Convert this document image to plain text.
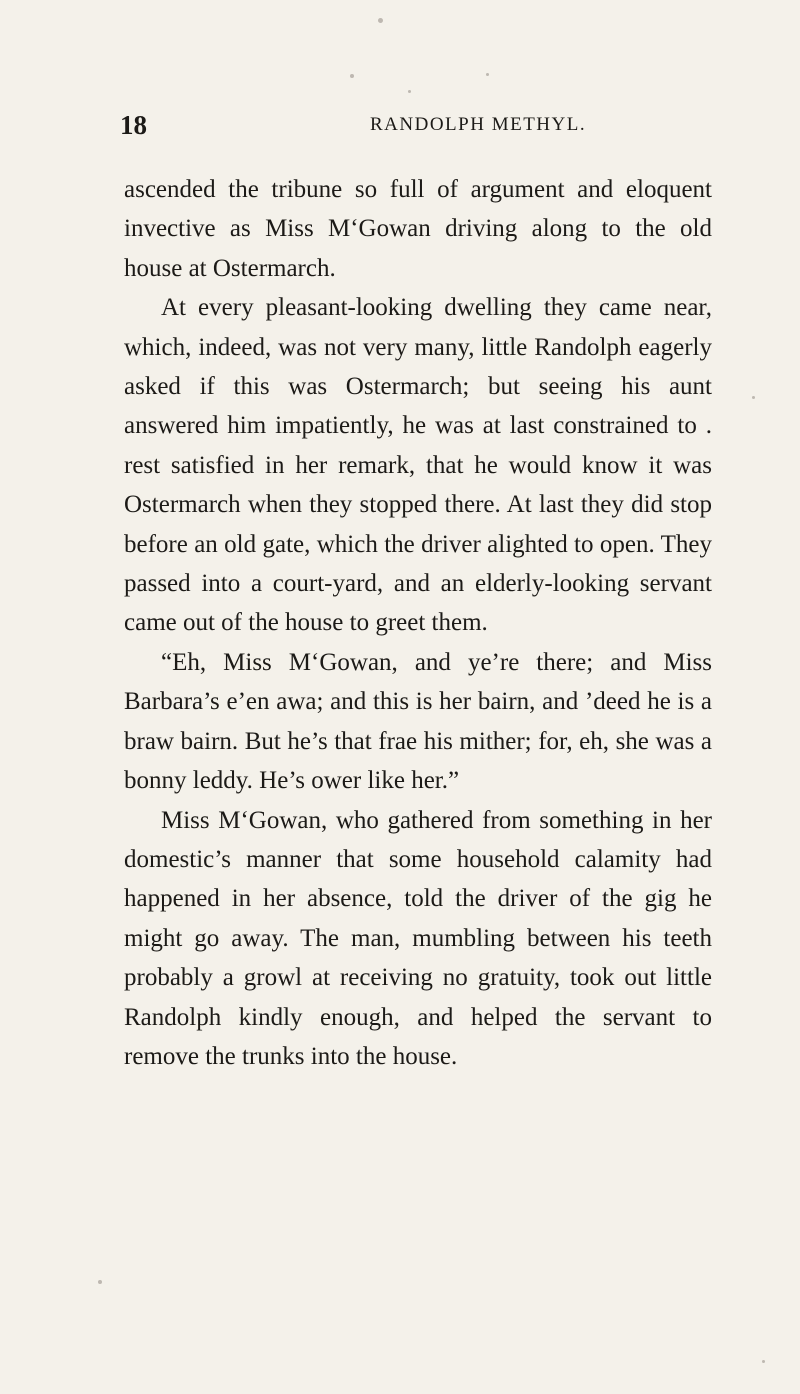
18	RANDOLPH METHYL.

ascended the tribune so full of argument and eloquent invective as Miss M‘Gowan driving along to the old house at Ostermarch.

At every pleasant-looking dwelling they came near, which, indeed, was not very many, little Randolph eagerly asked if this was Ostermarch; but seeing his aunt answered him impatiently, he was at last constrained to . rest satisfied in her remark, that he would know it was Ostermarch when they stopped there. At last they did stop before an old gate, which the driver alighted to open. They passed into a court-yard, and an elderly-looking servant came out of the house to greet them.

“Eh, Miss M‘Gowan, and ye’re there; and Miss Barbara’s e’en awa; and this is her bairn, and ’deed he is a braw bairn. But he’s that frae his mither; for, eh, she was a bonny leddy. He’s ower like her.”

Miss M‘Gowan, who gathered from something in her domestic’s manner that some household calamity had happened in her absence, told the driver of the gig he might go away. The man, mumbling between his teeth probably a growl at receiving no gratuity, took out little Randolph kindly enough, and helped the servant to remove the trunks into the house.
